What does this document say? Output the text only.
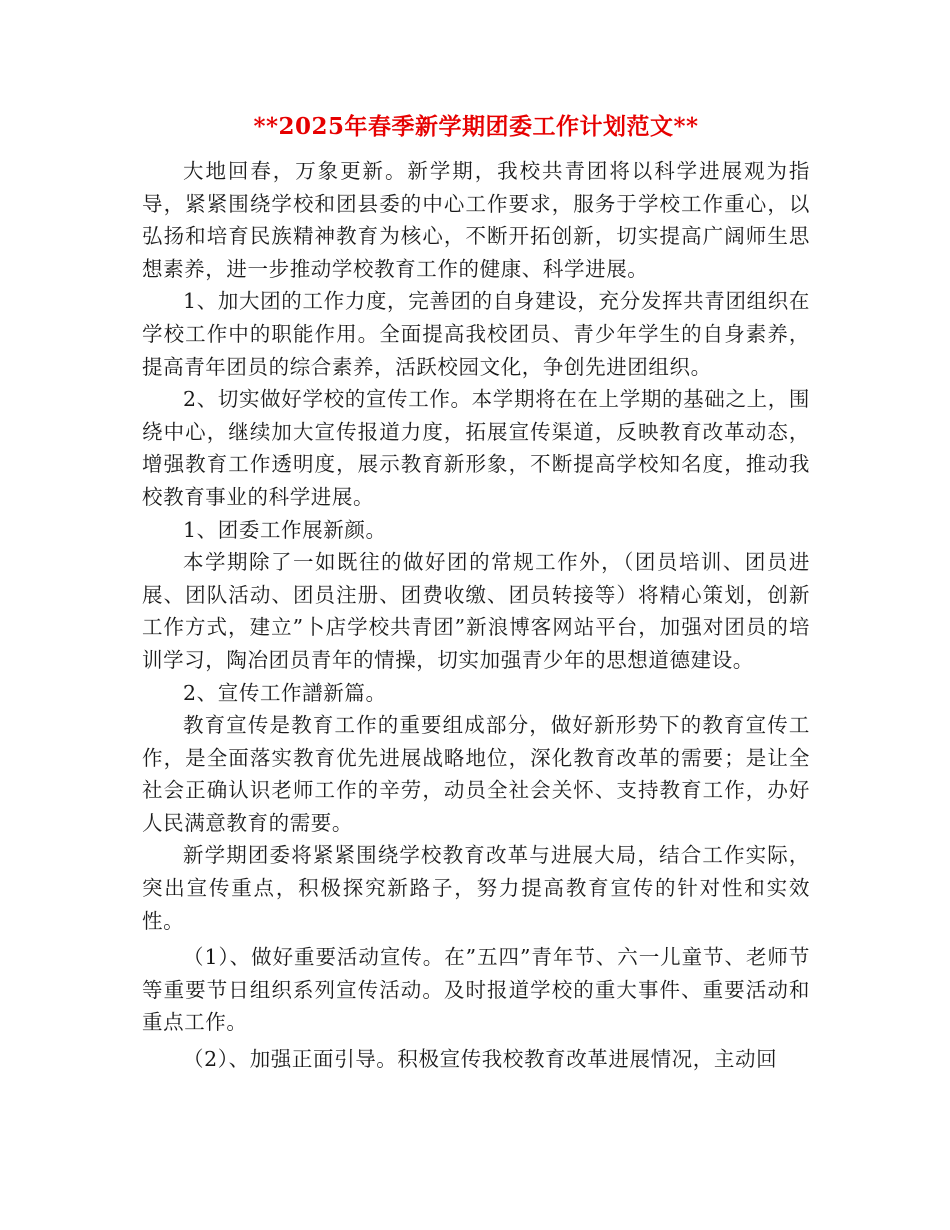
**2025年春季新学期团委工作计划范文**

大地回春，万象更新。新学期，我校共青团将以科学进展观为指导，紧紧围绕学校和团县委的中心工作要求，服务于学校工作重心，以弘扬和培育民族精神教育为核心，不断开拓创新，切实提高广阔师生思想素养，进一步推动学校教育工作的健康、科学进展。

1、加大团的工作力度，完善团的自身建设，充分发挥共青团组织在学校工作中的职能作用。全面提高我校团员、青少年学生的自身素养，提高青年团员的综合素养，活跃校园文化，争创先进团组织。

2、切实做好学校的宣传工作。本学期将在在上学期的基础之上，围绕中心，继续加大宣传报道力度，拓展宣传渠道，反映教育改革动态，增强教育工作透明度，展示教育新形象，不断提高学校知名度，推动我校教育事业的科学进展。

1、团委工作展新颜。

本学期除了一如既往的做好团的常规工作外，（团员培训、团员进展、团队活动、团员注册、团费收缴、团员转接等）将精心策划，创新工作方式，建立”卜店学校共青团”新浪博客网站平台，加强对团员的培训学习，陶冶团员青年的情操，切实加强青少年的思想道德建设。

2、宣传工作譜新篇。

教育宣传是教育工作的重要组成部分，做好新形势下的教育宣传工作，是全面落实教育优先进展战略地位，深化教育改革的需要；是让全社会正确认识老师工作的辛劳，动员全社会关怀、支持教育工作，办好人民满意教育的需要。

新学期团委将紧紧围绕学校教育改革与进展大局，结合工作实际，突出宣传重点，积极探究新路子，努力提高教育宣传的针对性和实效性。

（1）、做好重要活动宣传。在”五四”青年节、六一儿童节、老师节等重要节日组织系列宣传活动。及时报道学校的重大事件、重要活动和重点工作。

（2）、加强正面引导。积极宣传我校教育改革进展情况，主动回
